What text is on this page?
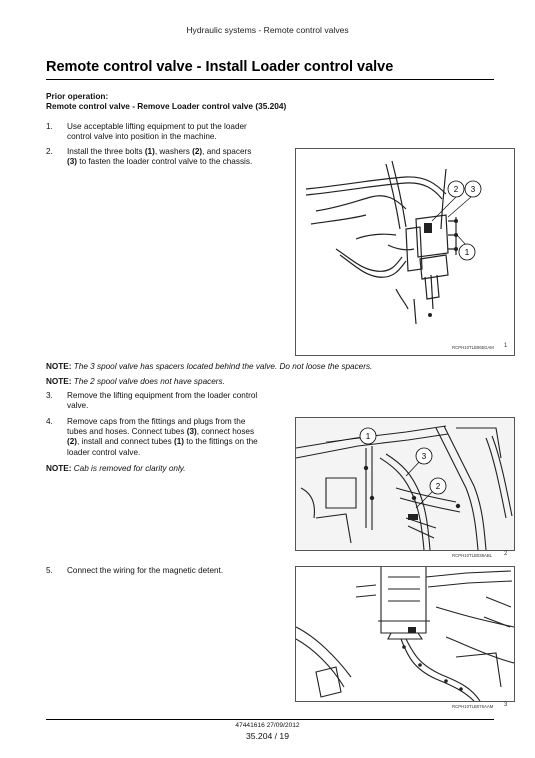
Hydraulic systems - Remote control valves
Remote control valve - Install Loader control valve
Prior operation:
Remote control valve - Remove Loader control valve (35.204)
1. Use acceptable lifting equipment to put the loader
control valve into position in the machine.
2. Install the three bolts (1), washers (2), and spacers
(3) to fasten the loader control valve to the chassis.
2 3
1
RCPH10TLB065GAM 1
NOTE: The 3 spool valve has spacers located behind the valve. Do not loose the spacers.
NOTE: The 2 spool valve does not have spacers.
3. Remove the lifting equipment from the loader control
valve.
4. Remove caps from the fittings and plugs from the
tubes and hoses. Connect tubes (3), connect hoses
(2), install and connect tubes (1) to the fittings on the
loader control valve.
NOTE: Cab is removed for clarity only.
1
3
2
RCPH10TLB038ABL 2
5. Connect the wiring for the magnetic detent.
RCPH10TLB076AAM 3
47441616 27/09/2012
35.204 / 19
